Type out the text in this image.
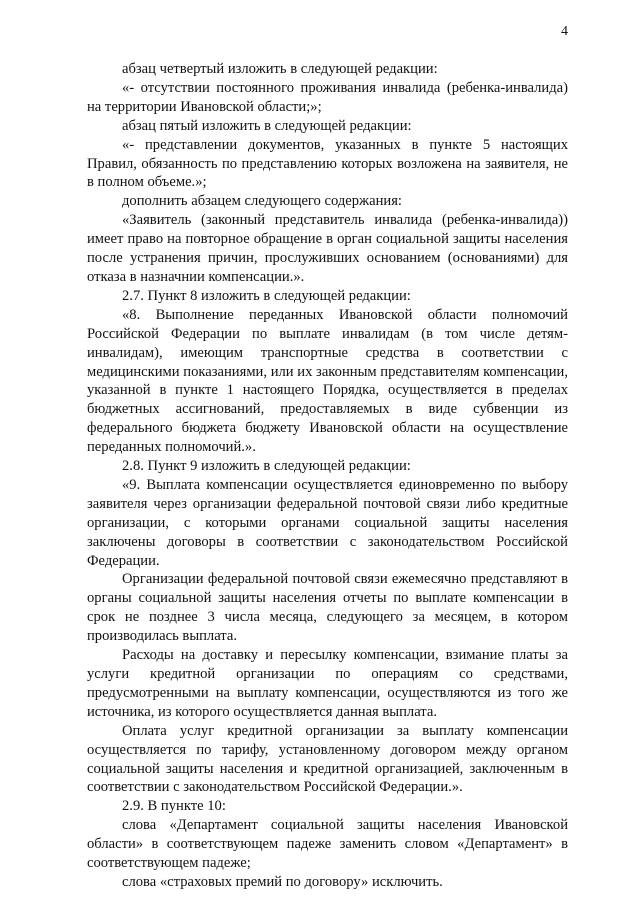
4

абзац четвертый изложить в следующей редакции:

«- отсутствии постоянного проживания инвалида (ребенка-инвалида) на территории Ивановской области;»;

абзац пятый изложить в следующей редакции:

«- представлении документов, указанных в пункте 5 настоящих Правил, обязанность по представлению которых возложена на заявителя, не в полном объеме.»;

дополнить абзацем следующего содержания:

«Заявитель (законный представитель инвалида (ребенка-инвалида)) имеет право на повторное обращение в орган социальной защиты населения после устранения причин, прослуживших основанием (основаниями) для отказа в назначнии компенсации.».

2.7. Пункт 8 изложить в следующей редакции:

«8. Выполнение переданных Ивановской области полномочий Российской Федерации по выплате инвалидам (в том числе детям-инвалидам), имеющим транспортные средства в соответствии с медицинскими показаниями, или их законным представителям компенсации, указанной в пункте 1 настоящего Порядка, осуществляется в пределах бюджетных ассигнований, предоставляемых в виде субвенции из федерального бюджета бюджету Ивановской области на осуществление переданных полномочий.».

2.8. Пункт 9 изложить в следующей редакции:

«9. Выплата компенсации осуществляется единовременно по выбору заявителя через организации федеральной почтовой связи либо кредитные организации, с которыми органами социальной защиты населения заключены договоры в соответствии с законодательством Российской Федерации.

Организации федеральной почтовой связи ежемесячно представляют в органы социальной защиты населения отчеты по выплате компенсации в срок не позднее 3 числа месяца, следующего за месяцем, в котором производилась выплата.

Расходы на доставку и пересылку компенсации, взимание платы за услуги кредитной организации по операциям со средствами, предусмотренными на выплату компенсации, осуществляются из того же источника, из которого осуществляется данная выплата.

Оплата услуг кредитной организации за выплату компенсации осуществляется по тарифу, установленному договором между органом социальной защиты населения и кредитной организацией, заключенным в соответствии с законодательством Российской Федерации.».

2.9. В пункте 10:

слова «Департамент социальной защиты населения Ивановской области» в соответствующем падеже заменить словом «Департамент» в соответствующем падеже;

слова «страховых премий по договору» исключить.
